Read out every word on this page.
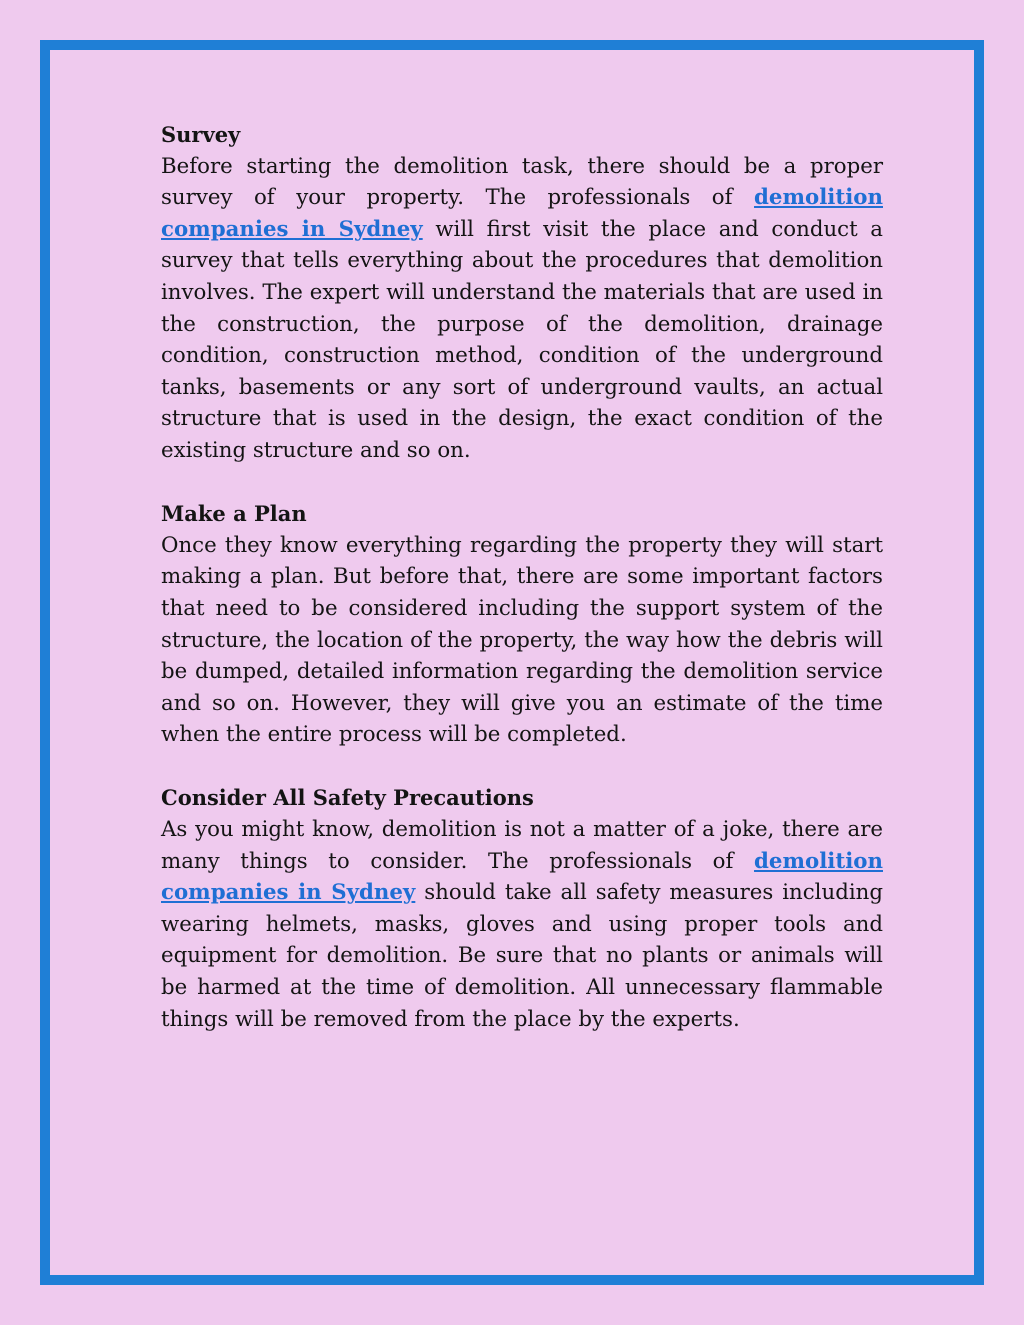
Survey
Before starting the demolition task, there should be a proper survey of your property. The professionals of demolition companies in Sydney will first visit the place and conduct a survey that tells everything about the procedures that demolition involves. The expert will understand the materials that are used in the construction, the purpose of the demolition, drainage condition, construction method, condition of the underground tanks, basements or any sort of underground vaults, an actual structure that is used in the design, the exact condition of the existing structure and so on.
Make a Plan
Once they know everything regarding the property they will start making a plan. But before that, there are some important factors that need to be considered including the support system of the structure, the location of the property, the way how the debris will be dumped, detailed information regarding the demolition service and so on. However, they will give you an estimate of the time when the entire process will be completed.
Consider All Safety Precautions
As you might know, demolition is not a matter of a joke, there are many things to consider. The professionals of demolition companies in Sydney should take all safety measures including wearing helmets, masks, gloves and using proper tools and equipment for demolition. Be sure that no plants or animals will be harmed at the time of demolition. All unnecessary flammable things will be removed from the place by the experts.
